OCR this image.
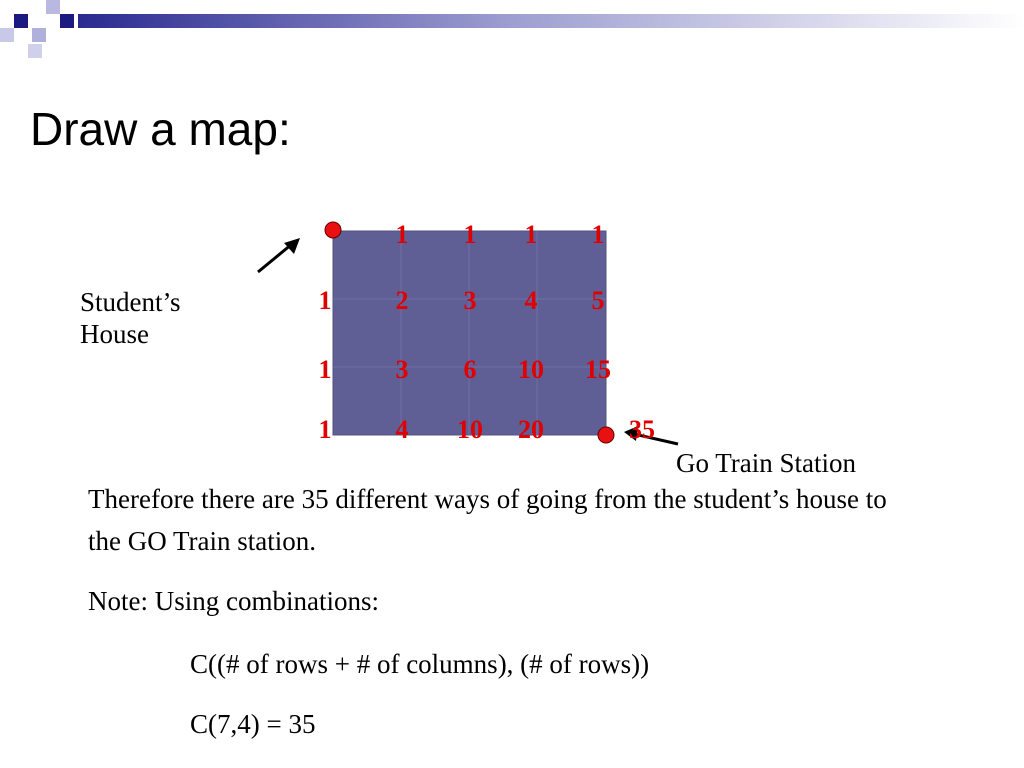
Draw a map:
1 1 1 1
1 2 3 4 5
1 3 6 10 15
1 4 10 20	35
Student’s House
Go Train Station

Therefore there are 35 different ways of going from the student’s house to the GO Train station.

Note: Using combinations:

C((# of rows + # of columns), (# of rows))

C(7,4) = 35
